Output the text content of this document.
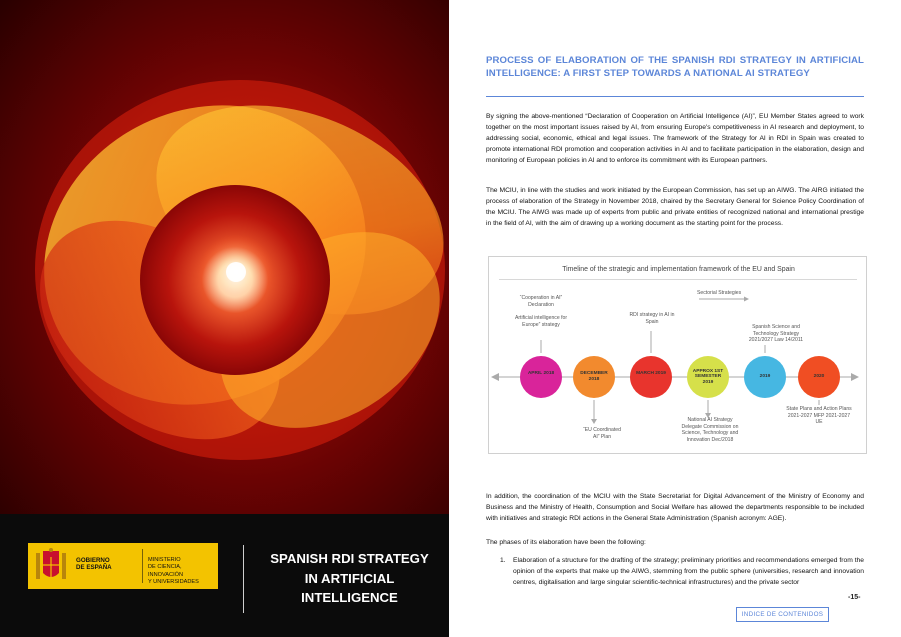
GOBIERNO
DE ESPAÑA
MINISTERIO
DE CIENCIA, INNOVACIÓN
Y UNIVERSIDADES
SPANISH RDI STRATEGY
IN ARTIFICIAL
INTELLIGENCE
PROCESS OF ELABORATION OF THE SPANISH RDI STRATEGY IN ARTIFICIAL INTELLIGENCE: A FIRST STEP TOWARDS A NATIONAL AI STRATEGY
By signing the above-mentioned “Declaration of Cooperation on Artificial Intelligence (AI)”, EU Member States agreed to work together on the most important issues raised by AI, from ensuring Europe's competitiveness in AI research and deployment, to addressing social, economic, ethical and legal issues. The framework of the Strategy for AI in RDI in Spain was created to promote international RDI promotion and cooperation activities in AI and to facilitate participation in the elaboration, design and monitoring of European policies in AI and to enforce its commitment with its European partners.
The MCIU, in line with the studies and work initiated by the European Commission, has set up an AIWG. The AIRG initiated the process of elaboration of the Strategy in November 2018, chaired by the Secretary General for Science Policy Coordination of the MCIU. The AIWG was made up of experts from public and private entities of recognized national and international prestige in the field of AI, with the aim of drawing up a working document as the starting point for the process.
Timeline of the strategic and implementation framework of the EU and Spain
Sectorial Strategies
“Cooperation in AI” Declaration
Artificial intelligence for Europe” strategy
RDI strategy in AI in Spain
Spanish Science and Technology Strategy 2021/2027 Law 14/2011
“EU Coordinated AI” Plan
National AI Strategy Delegate Commission on Science, Technology and Innovation Dec/2018
State Plans and Action Plans 2021-2027 MFP 2021-2027 UE
APRIL 2018	DECEMBER 2018
MARCH 2019
APPROX 1ST SEMESTER 2019
2019	2020
In addition, the coordination of the MCIU with the State Secretariat for Digital Advancement of the Ministry of Economy and Business and the Ministry of Health, Consumption and Social Welfare has allowed the departments responsible to be included with initiatives and strategic RDI actions in the General State Administration (Spanish acronym: AGE).
The phases of its elaboration have been the following:
1. Elaboration of a structure for the drafting of the strategy; preliminary priorities and recommendations emerged from the opinion of the experts that make up the AIWG, stemming from the public sphere (universities, research and innovation centres, digitalisation and large singular scientific-technical infrastructures) and the private sector
-15-
INDICE DE CONTENIDOS
